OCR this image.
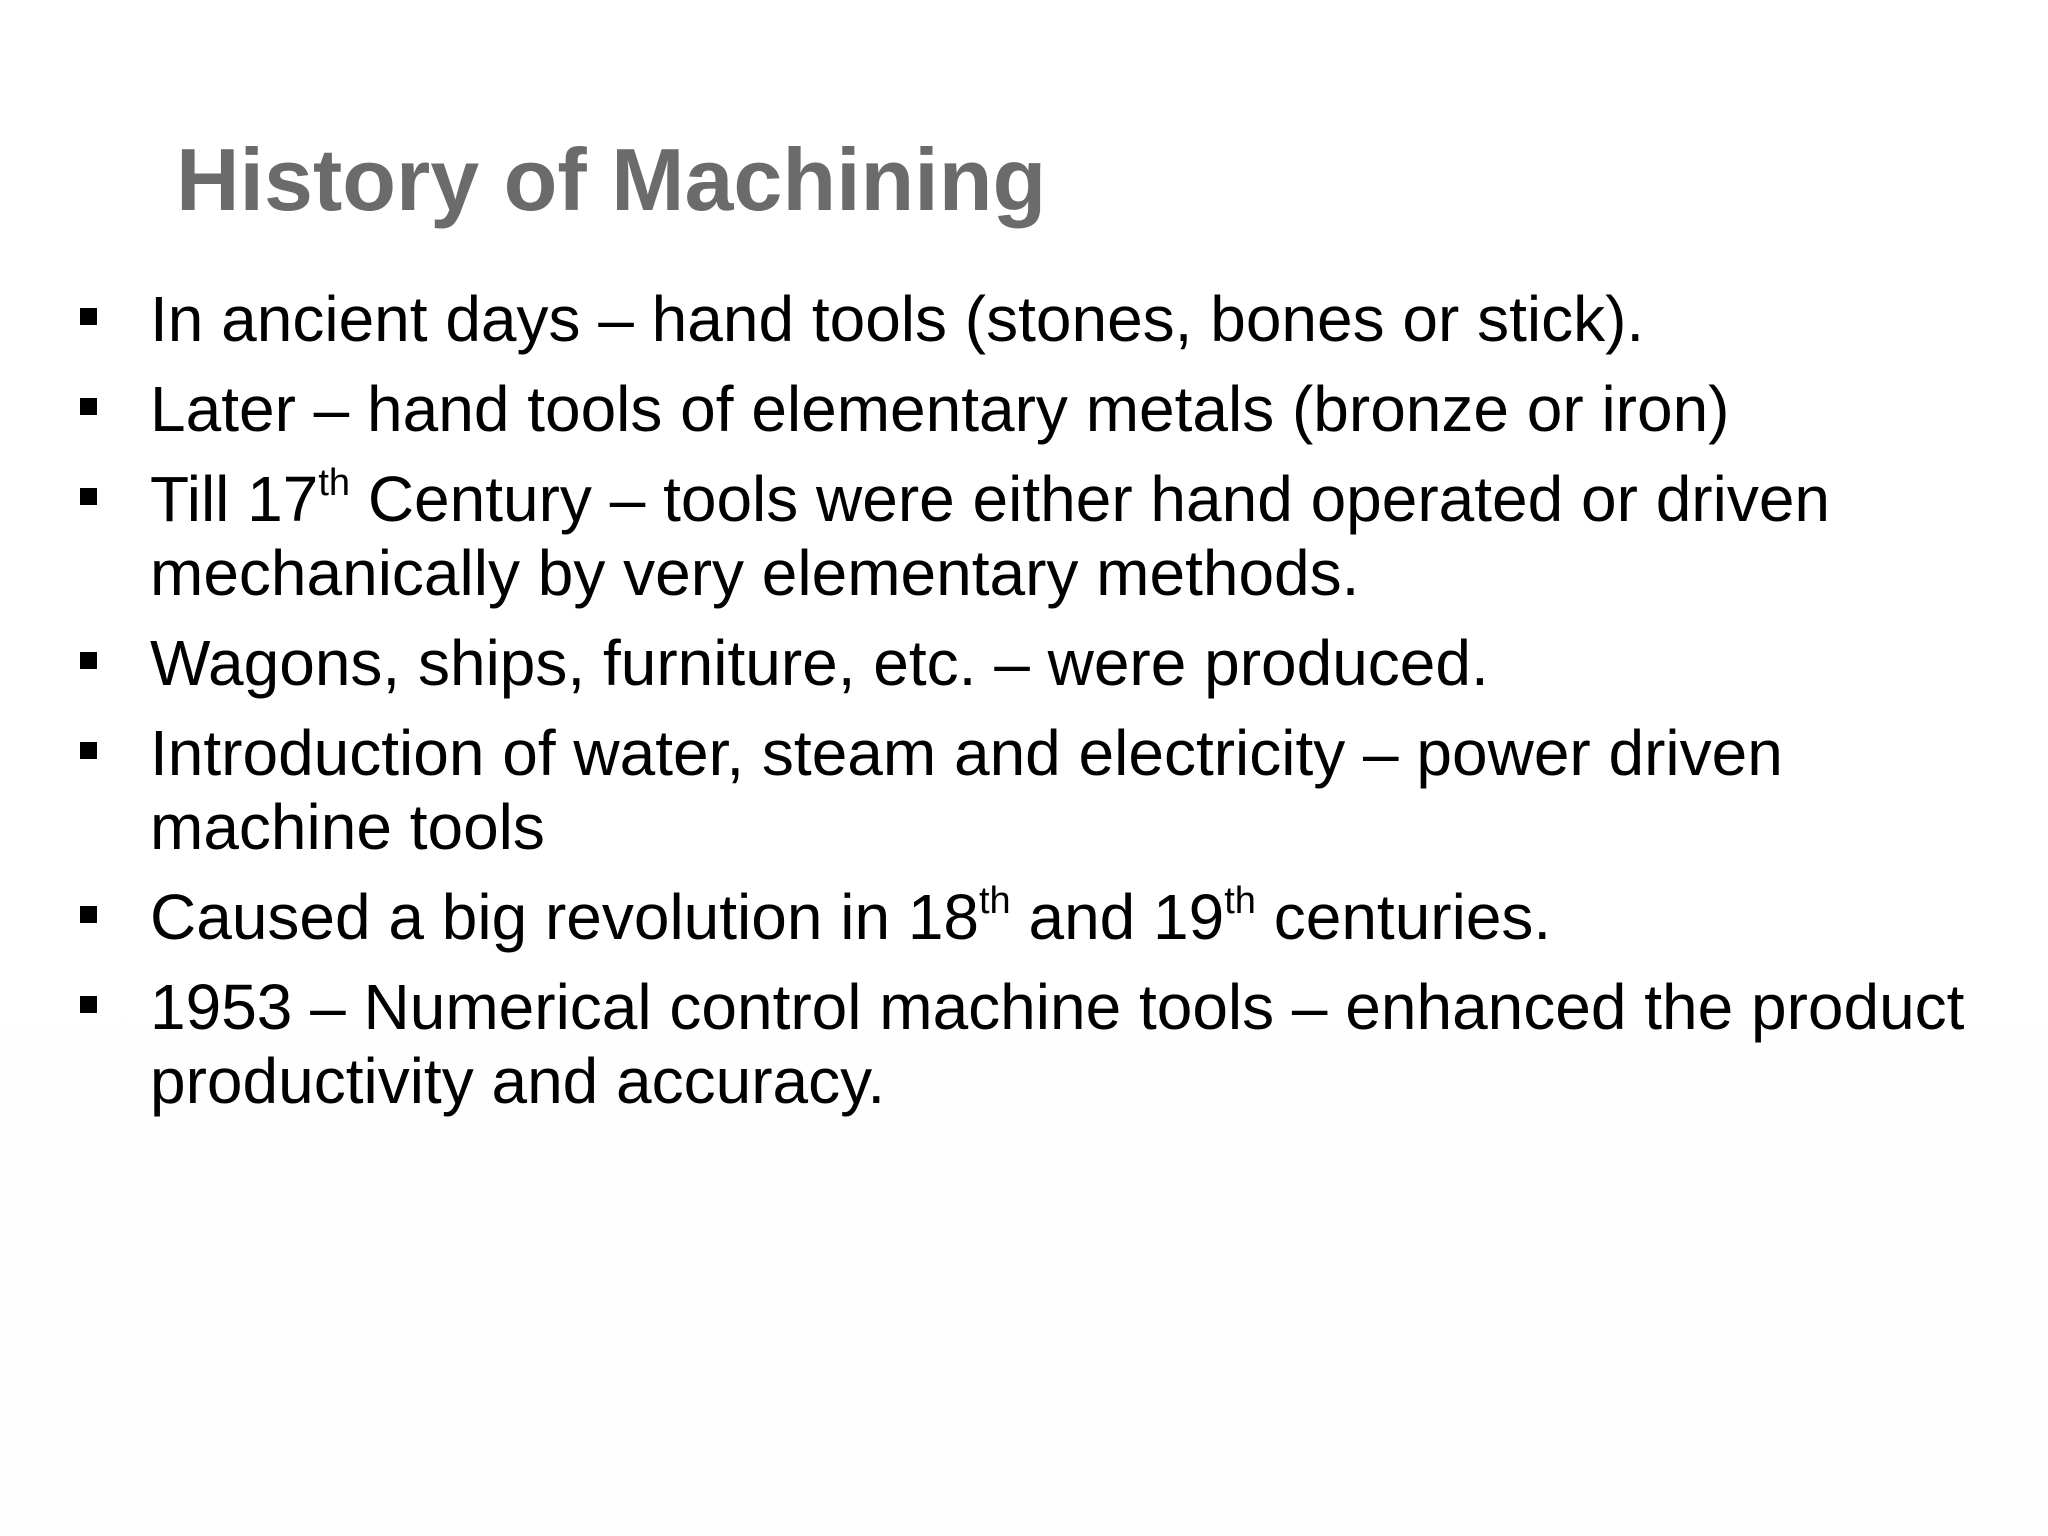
History of Machining
In ancient days – hand tools (stones, bones or stick).
Later – hand tools of elementary metals (bronze or iron)
Till 17th Century – tools were either hand operated or driven mechanically by very elementary methods.
Wagons, ships, furniture, etc. – were produced.
Introduction of water, steam and electricity – power driven machine tools
Caused a big revolution in 18th and 19th centuries.
1953 – Numerical control machine tools – enhanced the product productivity and accuracy.
